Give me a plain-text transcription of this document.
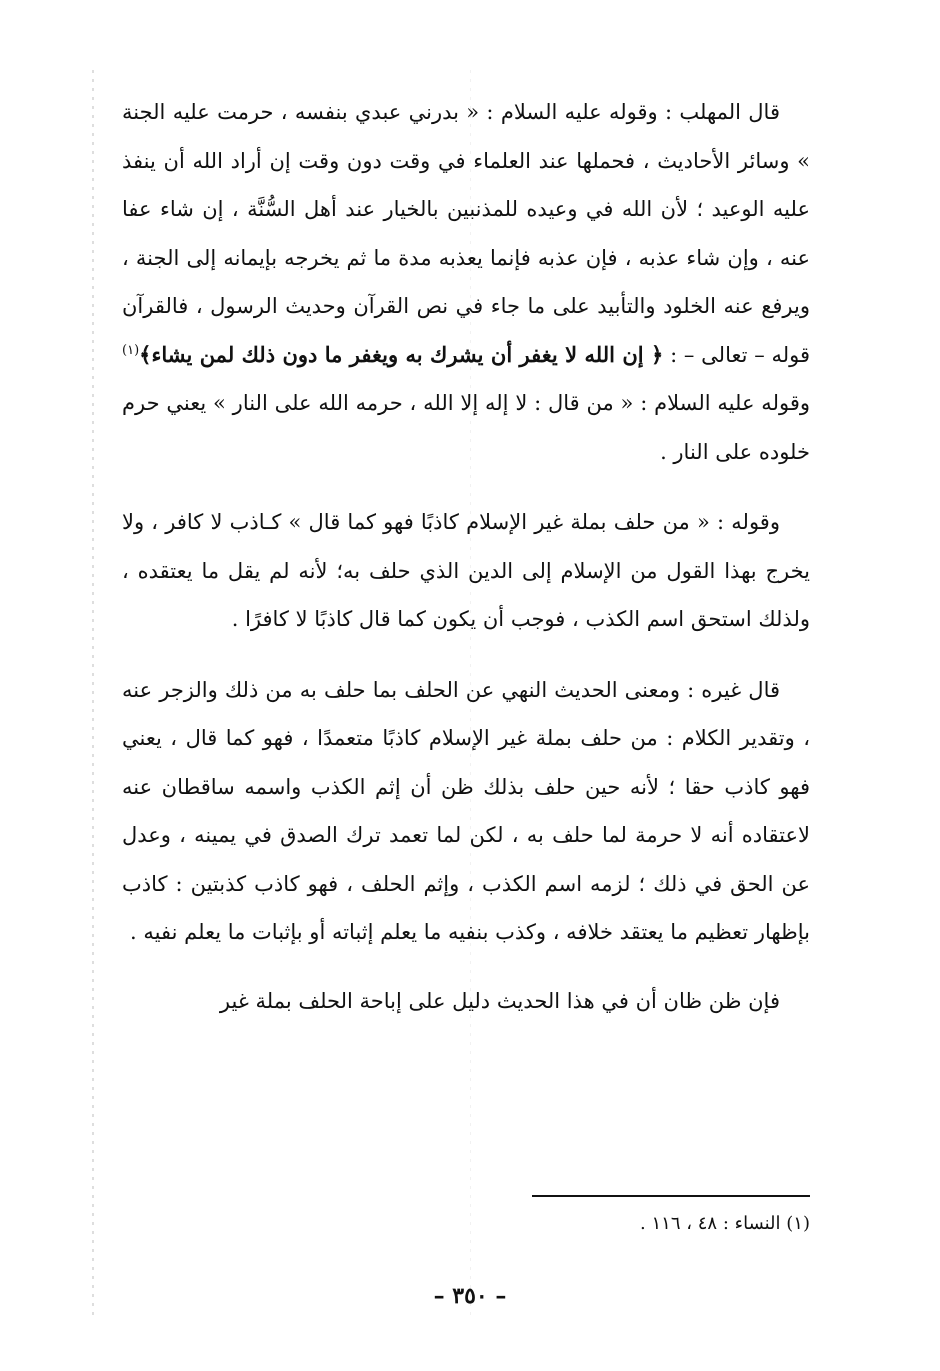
قال المهلب : وقوله عليه السلام : « بدرني عبدي بنفسه ، حرمت عليه الجنة » وسائر الأحاديث ، فحملها عند العلماء في وقت دون وقت إن أراد الله أن ينفذ عليه الوعيد ؛ لأن الله في وعيده للمذنبين بالخيار عند أهل السُّنَّة ، إن شاء عفا عنه ، وإن شاء عذبه ، فإن عذبه فإنما يعذبه مدة ما ثم يخرجه بإيمانه إلى الجنة ، ويرفع عنه الخلود والتأبيد على ما جاء في نص القرآن وحديث الرسول ، فالقرآن قوله – تعالى – : ﴿ إن الله لا يغفر أن يشرك به ويغفر ما دون ذلك لمن يشاء﴾$^{(١)}$ وقوله عليه السلام : « من قال : لا إله إلا الله ، حرمه الله على النار » يعني حرم خلوده على النار .

وقوله : « من حلف بملة غير الإسلام كاذبًا فهو كما قال » كـاذب لا كافر ، ولا يخرج بهذا القول من الإسلام إلى الدين الذي حلف به؛ لأنه لم يقل ما يعتقده ، ولذلك استحق اسم الكذب ، فوجب أن يكون كما قال كاذبًا لا كافرًا .

قال غيره : ومعنى الحديث النهي عن الحلف بما حلف به من ذلك والزجر عنه ، وتقدير الكلام : من حلف بملة غير الإسلام كاذبًا متعمدًا ، فهو كما قال ، يعني فهو كاذب حقا ؛ لأنه حين حلف بذلك ظن أن إثم الكذب واسمه ساقطان عنه لاعتقاده أنه لا حرمة لما حلف به ، لكن لما تعمد ترك الصدق في يمينه ، وعدل عن الحق في ذلك ؛ لزمه اسم الكذب ، وإثم الحلف ، فهو كاذب كذبتين : كاذب بإظهار تعظيم ما يعتقد خلافه ، وكذب بنفيه ما يعلم إثباته أو بإثبات ما يعلم نفيه .

فإن ظن ظان أن في هذا الحديث دليل على إباحة الحلف بملة غير

(١) النساء : ٤٨ ، ١١٦ .
– ٣٥٠ –
